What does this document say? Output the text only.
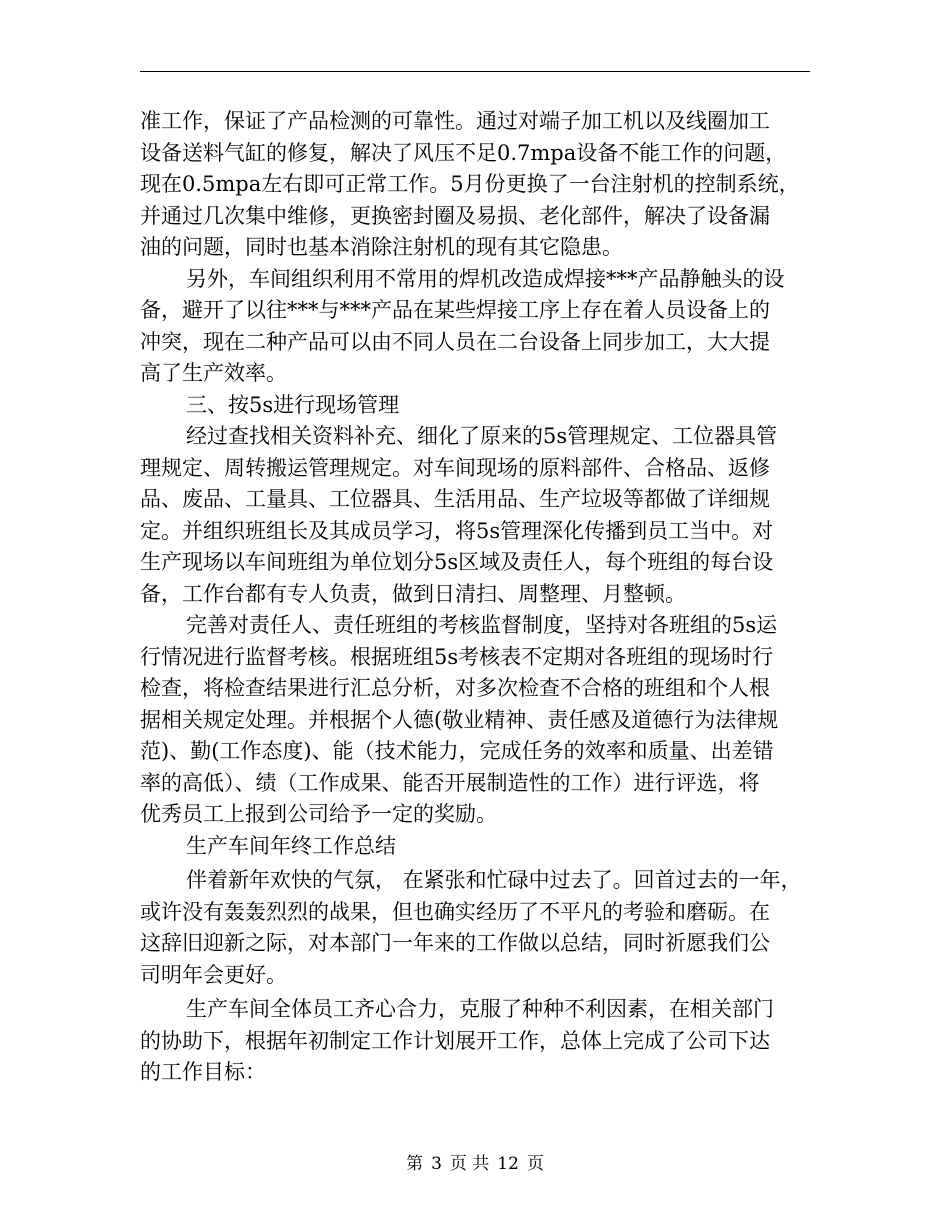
准工作，保证了产品检测的可靠性。通过对端子加工机以及线圈加工
设备送料气缸的修复，解决了风压不足0.7mpa设备不能工作的问题，
现在0.5mpa左右即可正常工作。5月份更换了一台注射机的控制系统，
并通过几次集中维修，更换密封圈及易损、老化部件，解决了设备漏
油的问题，同时也基本消除注射机的现有其它隐患。
另外，车间组织利用不常用的焊机改造成焊接***产品静触头的设
备，避开了以往***与***产品在某些焊接工序上存在着人员设备上的
冲突，现在二种产品可以由不同人员在二台设备上同步加工，大大提
高了生产效率。
三、按5s进行现场管理
经过查找相关资料补充、细化了原来的5s管理规定、工位器具管
理规定、周转搬运管理规定。对车间现场的原料部件、合格品、返修
品、废品、工量具、工位器具、生活用品、生产垃圾等都做了详细规
定。并组织班组长及其成员学习，将5s管理深化传播到员工当中。对
生产现场以车间班组为单位划分5s区域及责任人，每个班组的每台设
备，工作台都有专人负责，做到日清扫、周整理、月整顿。
完善对责任人、责任班组的考核监督制度，坚持对各班组的5s运
行情况进行监督考核。根据班组5s考核表不定期对各班组的现场时行
检查，将检查结果进行汇总分析，对多次检查不合格的班组和个人根
据相关规定处理。并根据个人德(敬业精神、责任感及道德行为法律规
范)、勤(工作态度)、能（技术能力，完成任务的效率和质量、出差错
率的高低）、绩（工作成果、能否开展制造性的工作）进行评选，将
优秀员工上报到公司给予一定的奖励。
生产车间年终工作总结
伴着新年欢快的气氛， 在紧张和忙碌中过去了。回首过去的一年，
或许没有轰轰烈烈的战果，但也确实经历了不平凡的考验和磨砺。在
这辞旧迎新之际，对本部门一年来的工作做以总结，同时祈愿我们公
司明年会更好。
生产车间全体员工齐心合力，克服了种种不利因素，在相关部门
的协助下，根据年初制定工作计划展开工作，总体上完成了公司下达
的工作目标：
第 3 页 共 12 页
